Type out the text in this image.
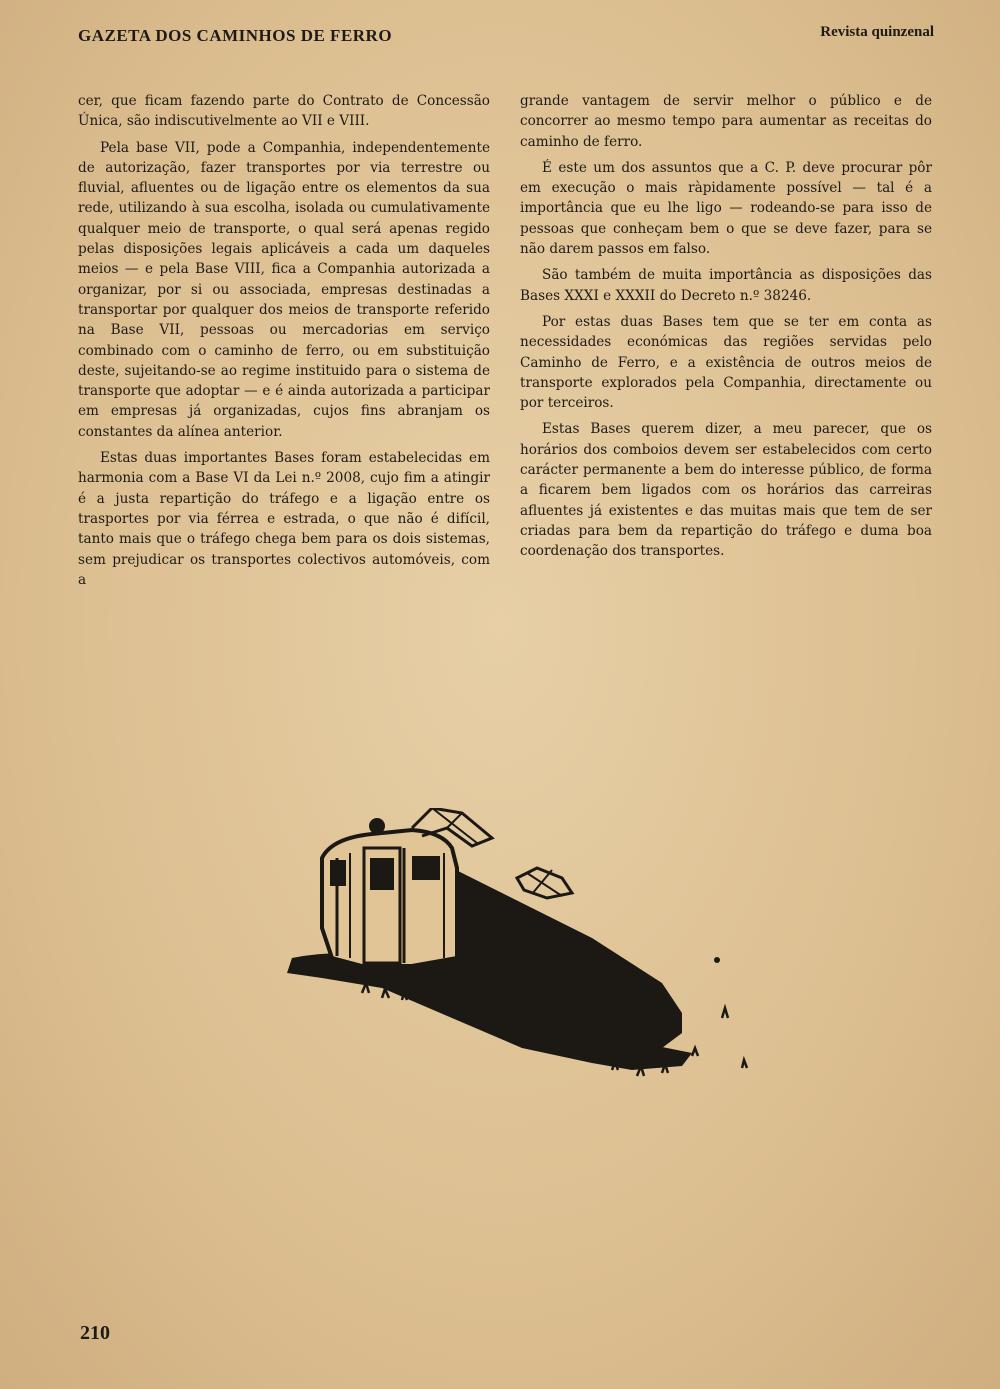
GAZETA DOS CAMINHOS DE FERRO	Revista quinzenal

cer, que ficam fazendo parte do Contrato de Concessão Única, são indiscutivelmente ao VII e VIII.

Pela base VII, pode a Companhia, independentemente de autorização, fazer transportes por via terrestre ou fluvial, afluentes ou de ligação entre os elementos da sua rede, utilizando à sua escolha, isolada ou cumulativamente qualquer meio de transporte, o qual será apenas regido pelas disposições legais aplicáveis a cada um daqueles meios — e pela Base VIII, fica a Companhia autorizada a organizar, por si ou associada, empresas destinadas a transportar por qualquer dos meios de transporte referido na Base VII, pessoas ou mercadorias em serviço combinado com o caminho de ferro, ou em substituição deste, sujeitando-se ao regime instituido para o sistema de transporte que adoptar — e é ainda autorizada a participar em empresas já organizadas, cujos fins abranjam os constantes da alínea anterior.

Estas duas importantes Bases foram estabelecidas em harmonia com a Base VI da Lei n.º 2008, cujo fim a atingir é a justa repartição do tráfego e a ligação entre os trasportes por via férrea e estrada, o que não é difícil, tanto mais que o tráfego chega bem para os dois sistemas, sem prejudicar os transportes colectivos automóveis, com a

grande vantagem de servir melhor o público e de concorrer ao mesmo tempo para aumentar as receitas do caminho de ferro.

É este um dos assuntos que a C. P. deve procurar pôr em execução o mais ràpidamente possível — tal é a importância que eu lhe ligo — rodeando-se para isso de pessoas que conheçam bem o que se deve fazer, para se não darem passos em falso.

São também de muita importância as disposições das Bases XXXI e XXXII do Decreto n.º 38246.

Por estas duas Bases tem que se ter em conta as necessidades económicas das regiões servidas pelo Caminho de Ferro, e a existência de outros meios de transporte explorados pela Companhia, directamente ou por terceiros.

Estas Bases querem dizer, a meu parecer, que os horários dos comboios devem ser estabelecidos com certo carácter permanente a bem do interesse público, de forma a ficarem bem ligados com os horários das carreiras afluentes já existentes e das muitas mais que tem de ser criadas para bem da repartição do tráfego e duma boa coordenação dos transportes.

210
